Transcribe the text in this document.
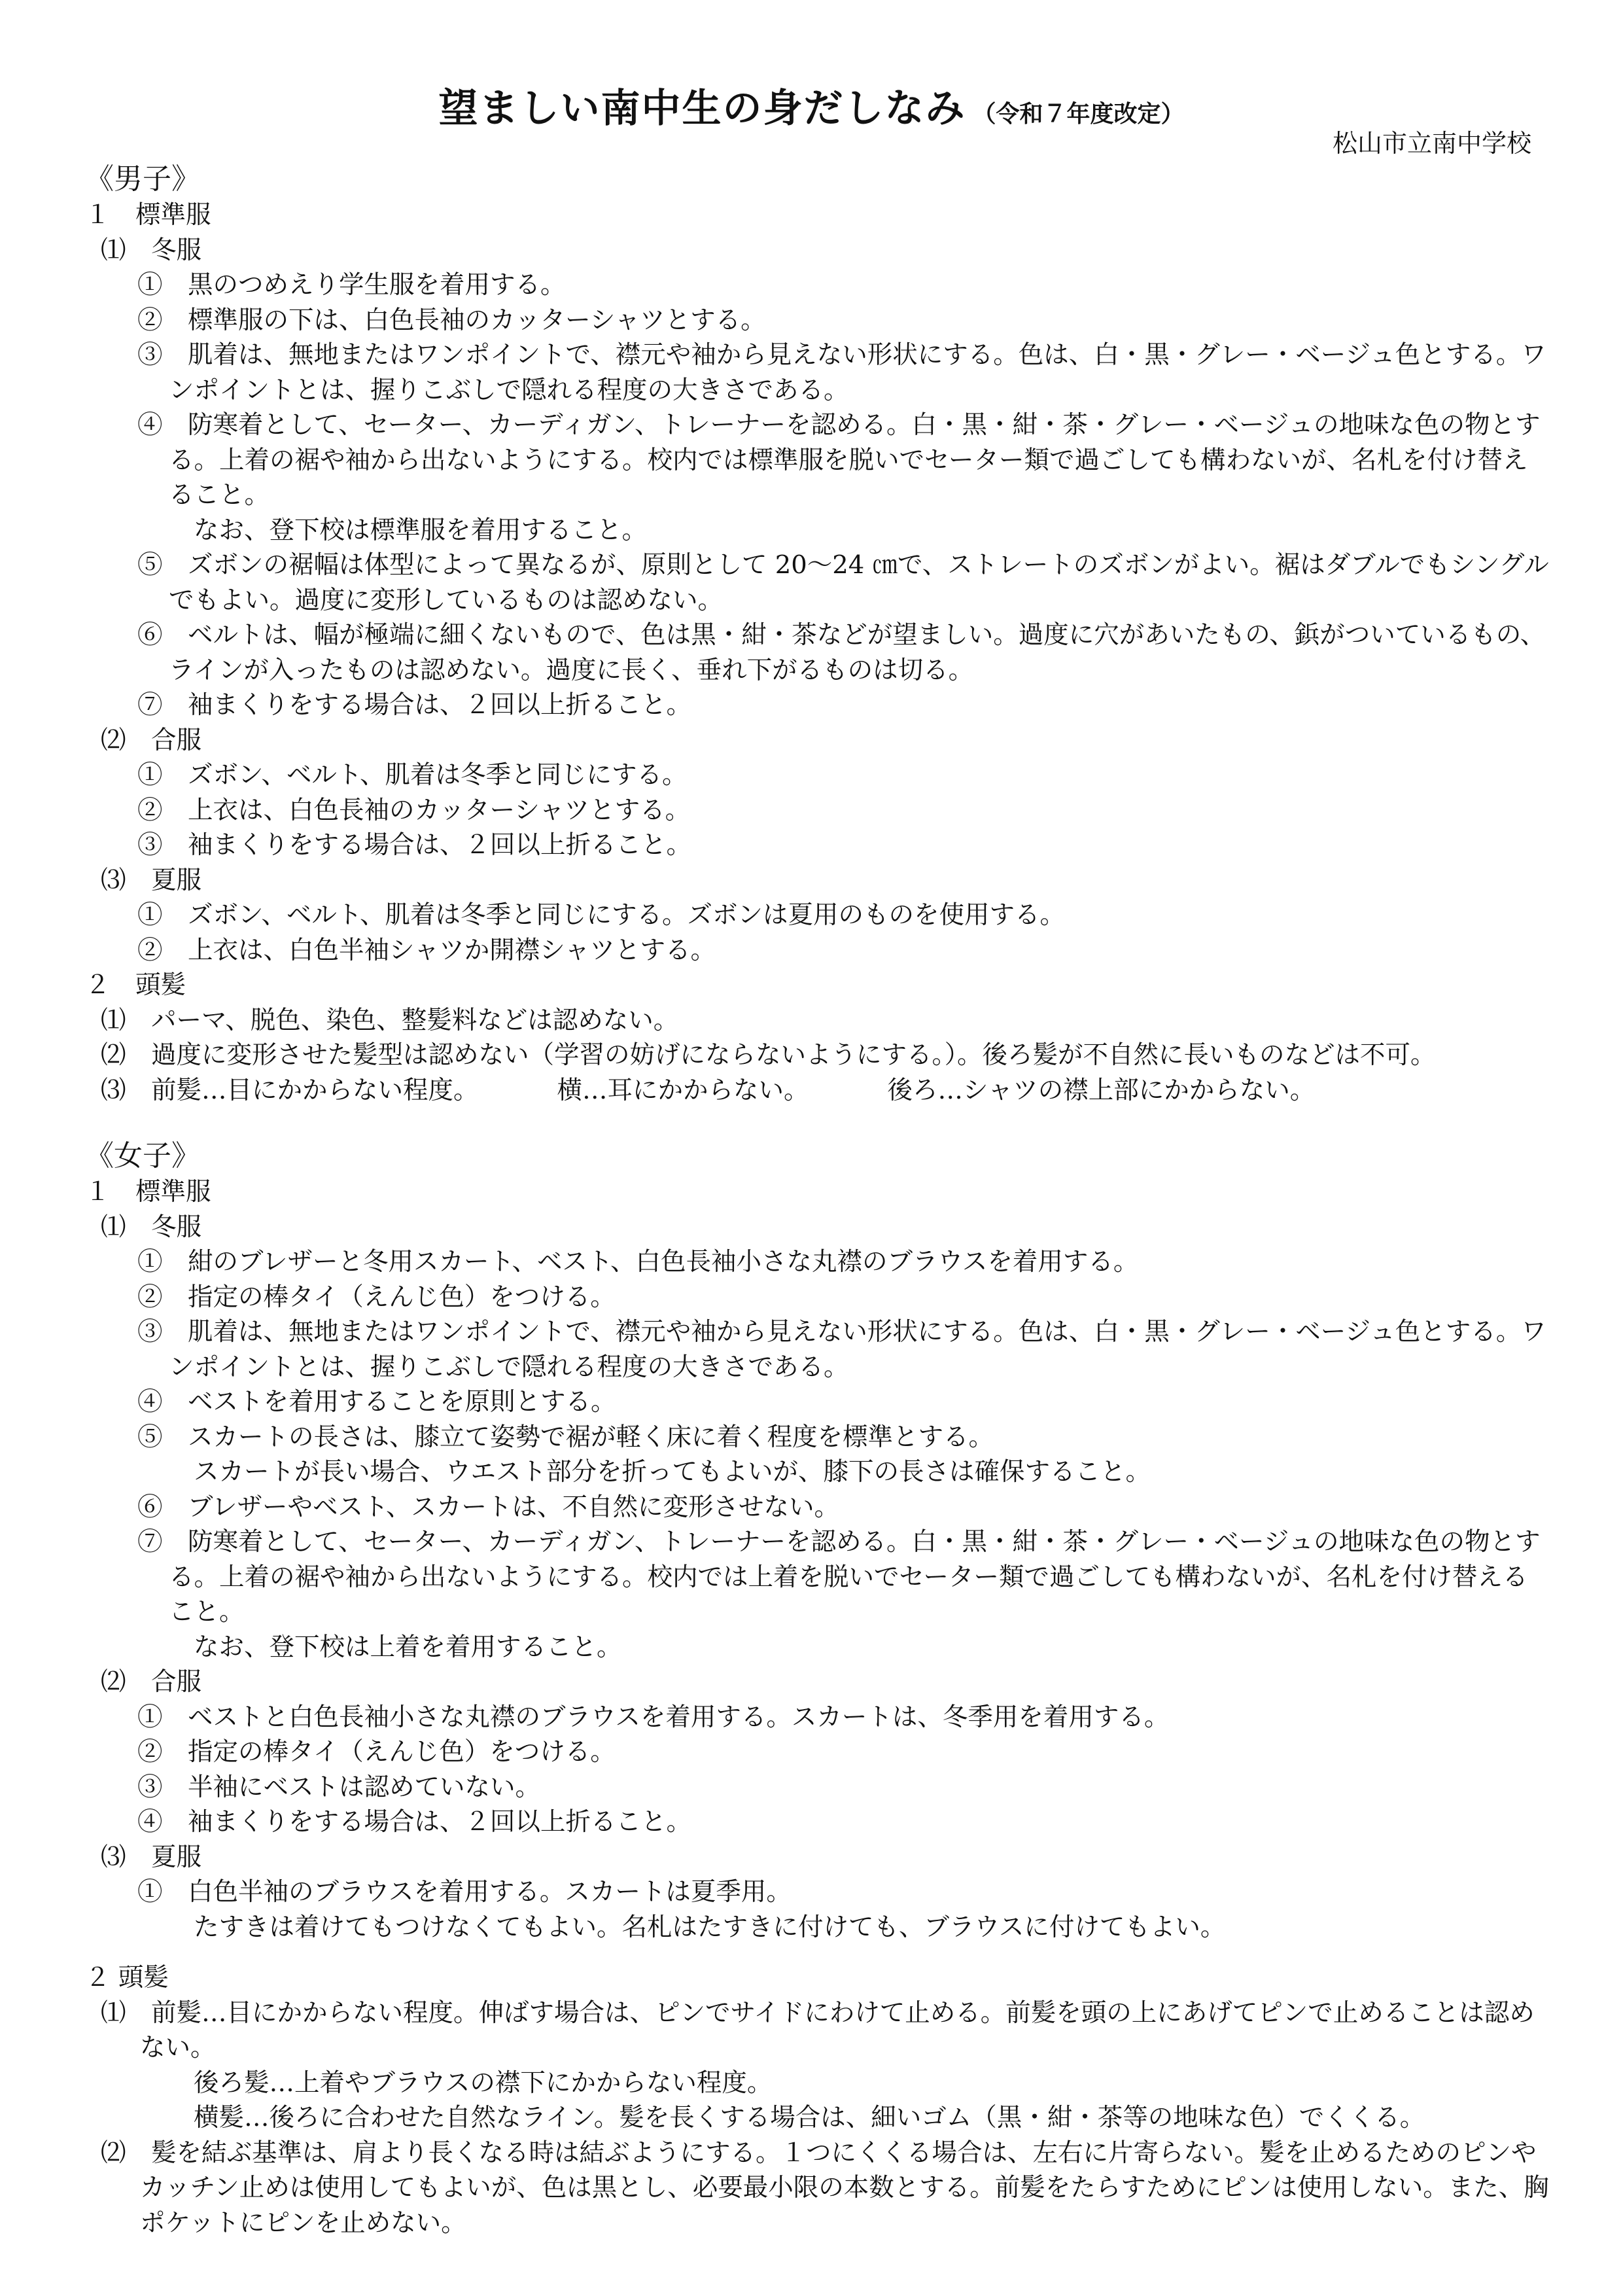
望ましい南中生の身だしなみ （令和７年度改定）
松山市立南中学校
《男子》
１　標準服
⑴　冬服
①　黒のつめえり学生服を着用する。
②　標準服の下は、白色長袖のカッターシャツとする。
③　肌着は、無地またはワンポイントで、襟元や袖から見えない形状にする。色は、白・黒・グレー・ベージュ色とする。ワンポイントとは、握りこぶしで隠れる程度の大きさである。
④　防寒着として、セーター、カーディガン、トレーナーを認める。白・黒・紺・茶・グレー・ベージュの地味な色の物とする。上着の裾や袖から出ないようにする。校内では標準服を脱いでセーター類で過ごしても構わないが、名札を付け替えること。
なお、登下校は標準服を着用すること。
⑤　ズボンの裾幅は体型によって異なるが、原則として 20～24 ㎝で、ストレートのズボンがよい。裾はダブルでもシングルでもよい。過度に変形しているものは認めない。
⑥　ベルトは、幅が極端に細くないもので、色は黒・紺・茶などが望ましい。過度に穴があいたもの、鋲がついているもの、ラインが入ったものは認めない。過度に長く、垂れ下がるものは切る。
⑦　袖まくりをする場合は、２回以上折ること。
⑵　合服
①　ズボン、ベルト、肌着は冬季と同じにする。
②　上衣は、白色長袖のカッターシャツとする。
③　袖まくりをする場合は、２回以上折ること。
⑶　夏服
①　ズボン、ベルト、肌着は冬季と同じにする。ズボンは夏用のものを使用する。
②　上衣は、白色半袖シャツか開襟シャツとする。
２　頭髪
⑴　パーマ、脱色、染色、整髪料などは認めない。
⑵　過度に変形させた髪型は認めない（学習の妨げにならないようにする。）。後ろ髪が不自然に長いものなどは不可。
⑶　前髪…目にかからない程度。	横…耳にかからない。	後ろ…シャツの襟上部にかからない。
《女子》
１　標準服
⑴　冬服
①　紺のブレザーと冬用スカート、ベスト、白色長袖小さな丸襟のブラウスを着用する。
②　指定の棒タイ（えんじ色）をつける。
③　肌着は、無地またはワンポイントで、襟元や袖から見えない形状にする。色は、白・黒・グレー・ベージュ色とする。ワンポイントとは、握りこぶしで隠れる程度の大きさである。
④　ベストを着用することを原則とする。
⑤　スカートの長さは、膝立て姿勢で裾が軽く床に着く程度を標準とする。
スカートが長い場合、ウエスト部分を折ってもよいが、膝下の長さは確保すること。
⑥　ブレザーやベスト、スカートは、不自然に変形させない。
⑦　防寒着として、セーター、カーディガン、トレーナーを認める。白・黒・紺・茶・グレー・ベージュの地味な色の物とする。上着の裾や袖から出ないようにする。校内では上着を脱いでセーター類で過ごしても構わないが、名札を付け替えること。
なお、登下校は上着を着用すること。
⑵　合服
①　ベストと白色長袖小さな丸襟のブラウスを着用する。スカートは、冬季用を着用する。
②　指定の棒タイ（えんじ色）をつける。
③　半袖にベストは認めていない。
④　袖まくりをする場合は、２回以上折ること。
⑶　夏服
①　白色半袖のブラウスを着用する。スカートは夏季用。
たすきは着けてもつけなくてもよい。名札はたすきに付けても、ブラウスに付けてもよい。
２ 頭髪
⑴　前髪…目にかからない程度。伸ばす場合は、ピンでサイドにわけて止める。前髪を頭の上にあげてピンで止めることは認めない。
後ろ髪…上着やブラウスの襟下にかからない程度。
横髪…後ろに合わせた自然なライン。髪を長くする場合は、細いゴム（黒・紺・茶等の地味な色）でくくる。
⑵　髪を結ぶ基準は、肩より長くなる時は結ぶようにする。１つにくくる場合は、左右に片寄らない。髪を止めるためのピンやカッチン止めは使用してもよいが、色は黒とし、必要最小限の本数とする。前髪をたらすためにピンは使用しない。また、胸ポケットにピンを止めない。
